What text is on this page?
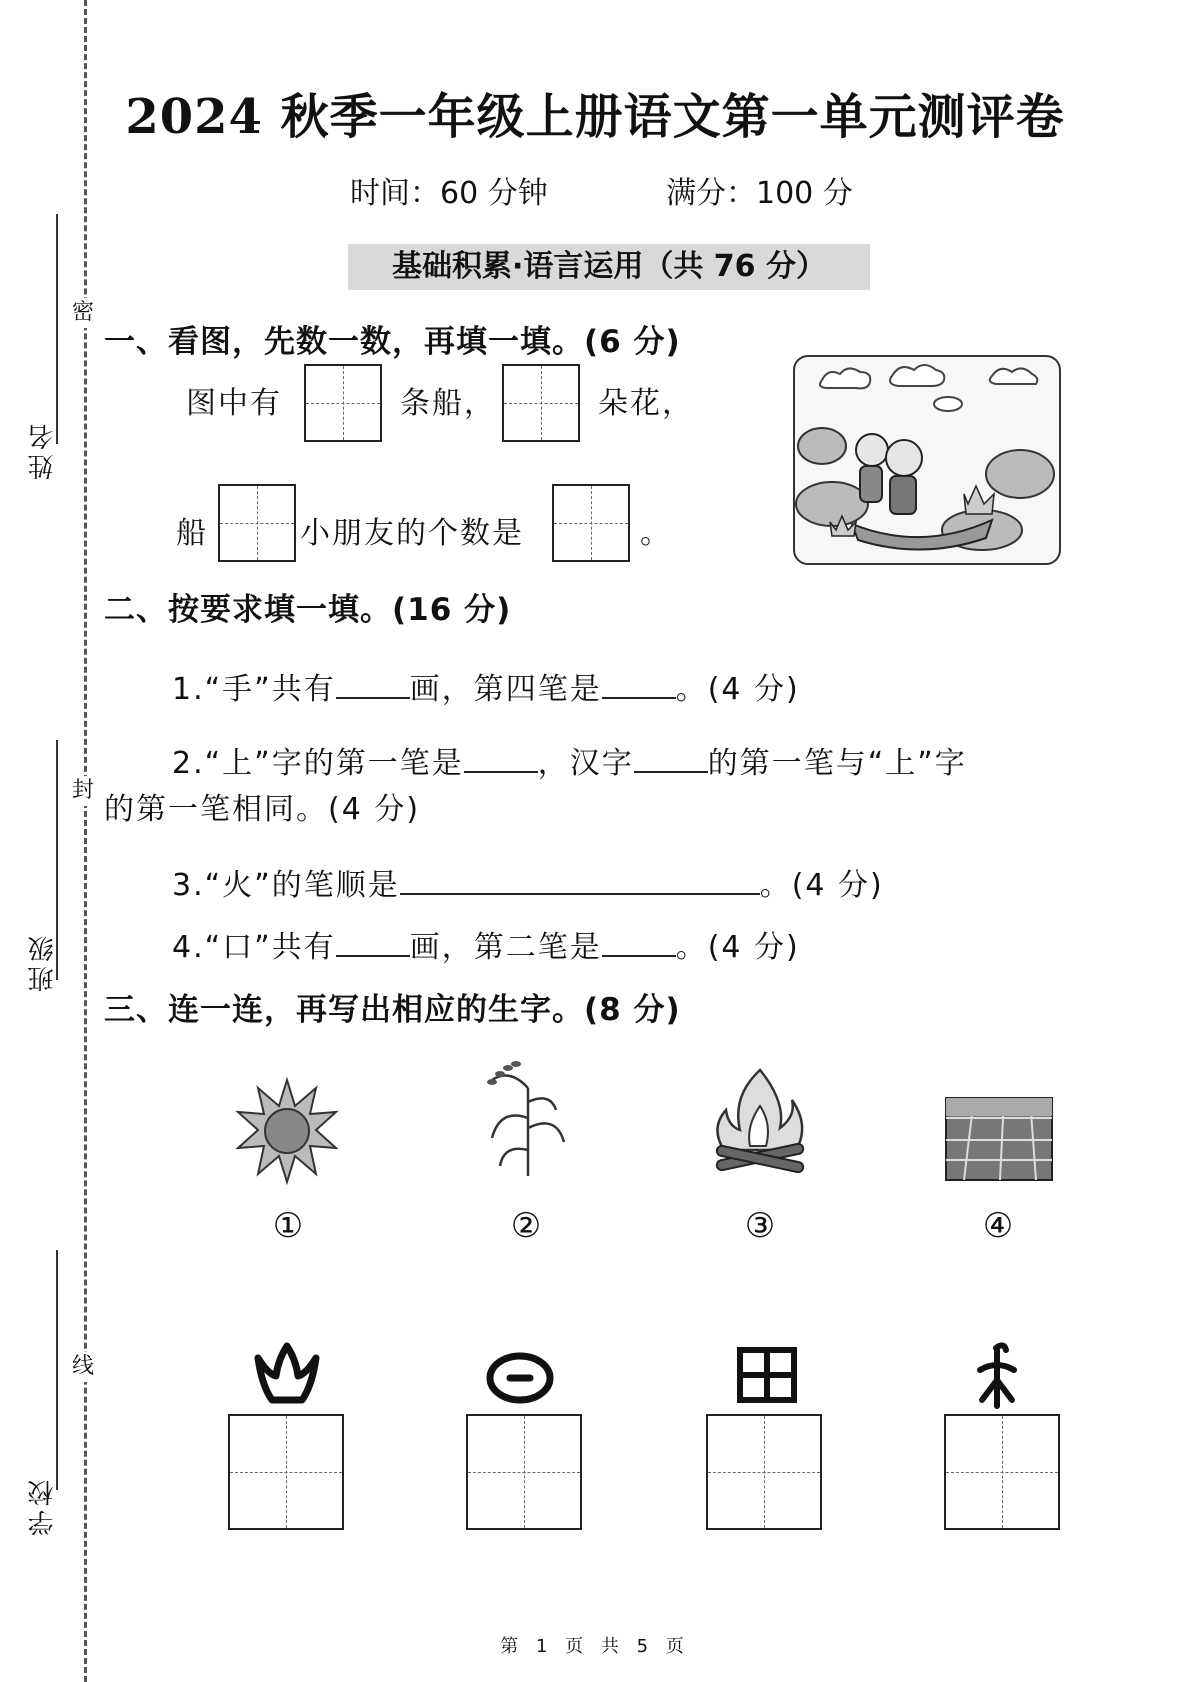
密
封
线
姓名
班级
学校
2024 秋季一年级上册语文第一单元测评卷
时间：60 分钟	满分：100 分
基础积累·语言运用（共 76 分）
一、看图，先数一数，再填一填。(6 分)
图中有	条船，	朵花，
船	小朋友的个数是	。
二、按要求填一填。(16 分)
1.“手”共有 画，第四笔是 。(4 分)
2.“上”字的第一笔是 ，汉字 的第一笔与“上”字
的第一笔相同。(4 分)
3.“火”的笔顺是	。(4 分)
4.“口”共有 画，第二笔是 。(4 分)
三、连一连，再写出相应的生字。(8 分)
①	②	③	④
第 1 页 共 5 页
